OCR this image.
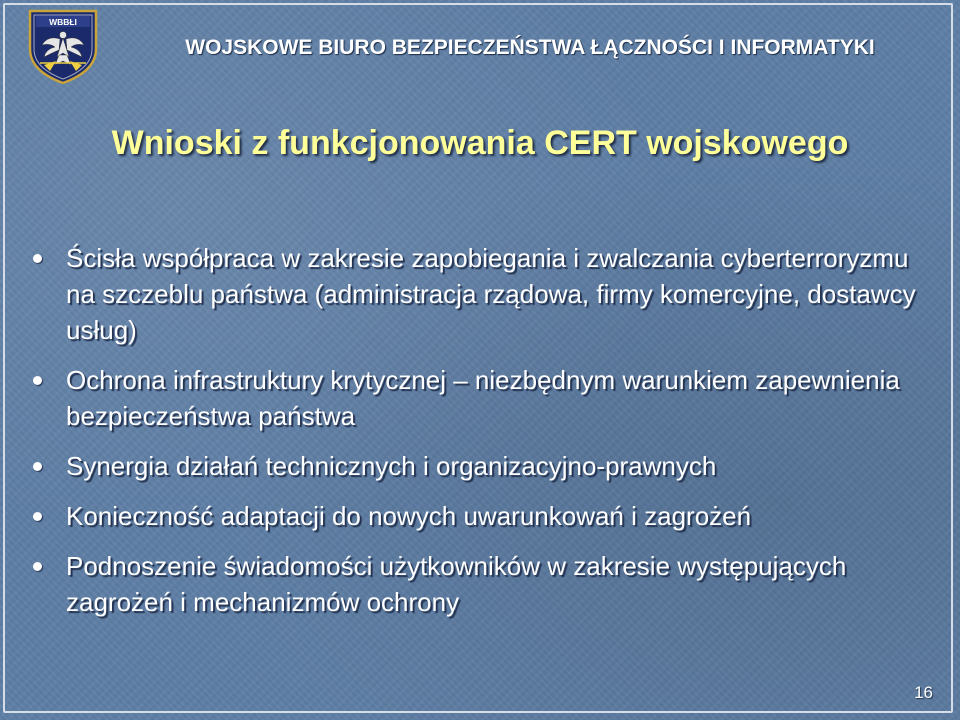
WBBŁI
WOJSKOWE BIURO BEZPIECZEŃSTWA ŁĄCZNOŚCI I INFORMATYKI
Wnioski z funkcjonowania CERT wojskowego
Ścisła współpraca w zakresie zapobiegania i zwalczania cyberterroryzmu na szczeblu państwa (administracja rządowa, firmy komercyjne, dostawcy usług)
Ochrona infrastruktury krytycznej – niezbędnym warunkiem zapewnienia bezpieczeństwa państwa
Synergia działań technicznych i organizacyjno-prawnych
Konieczność adaptacji do nowych uwarunkowań i zagrożeń
Podnoszenie świadomości użytkowników w zakresie występujących zagrożeń i mechanizmów ochrony
16
